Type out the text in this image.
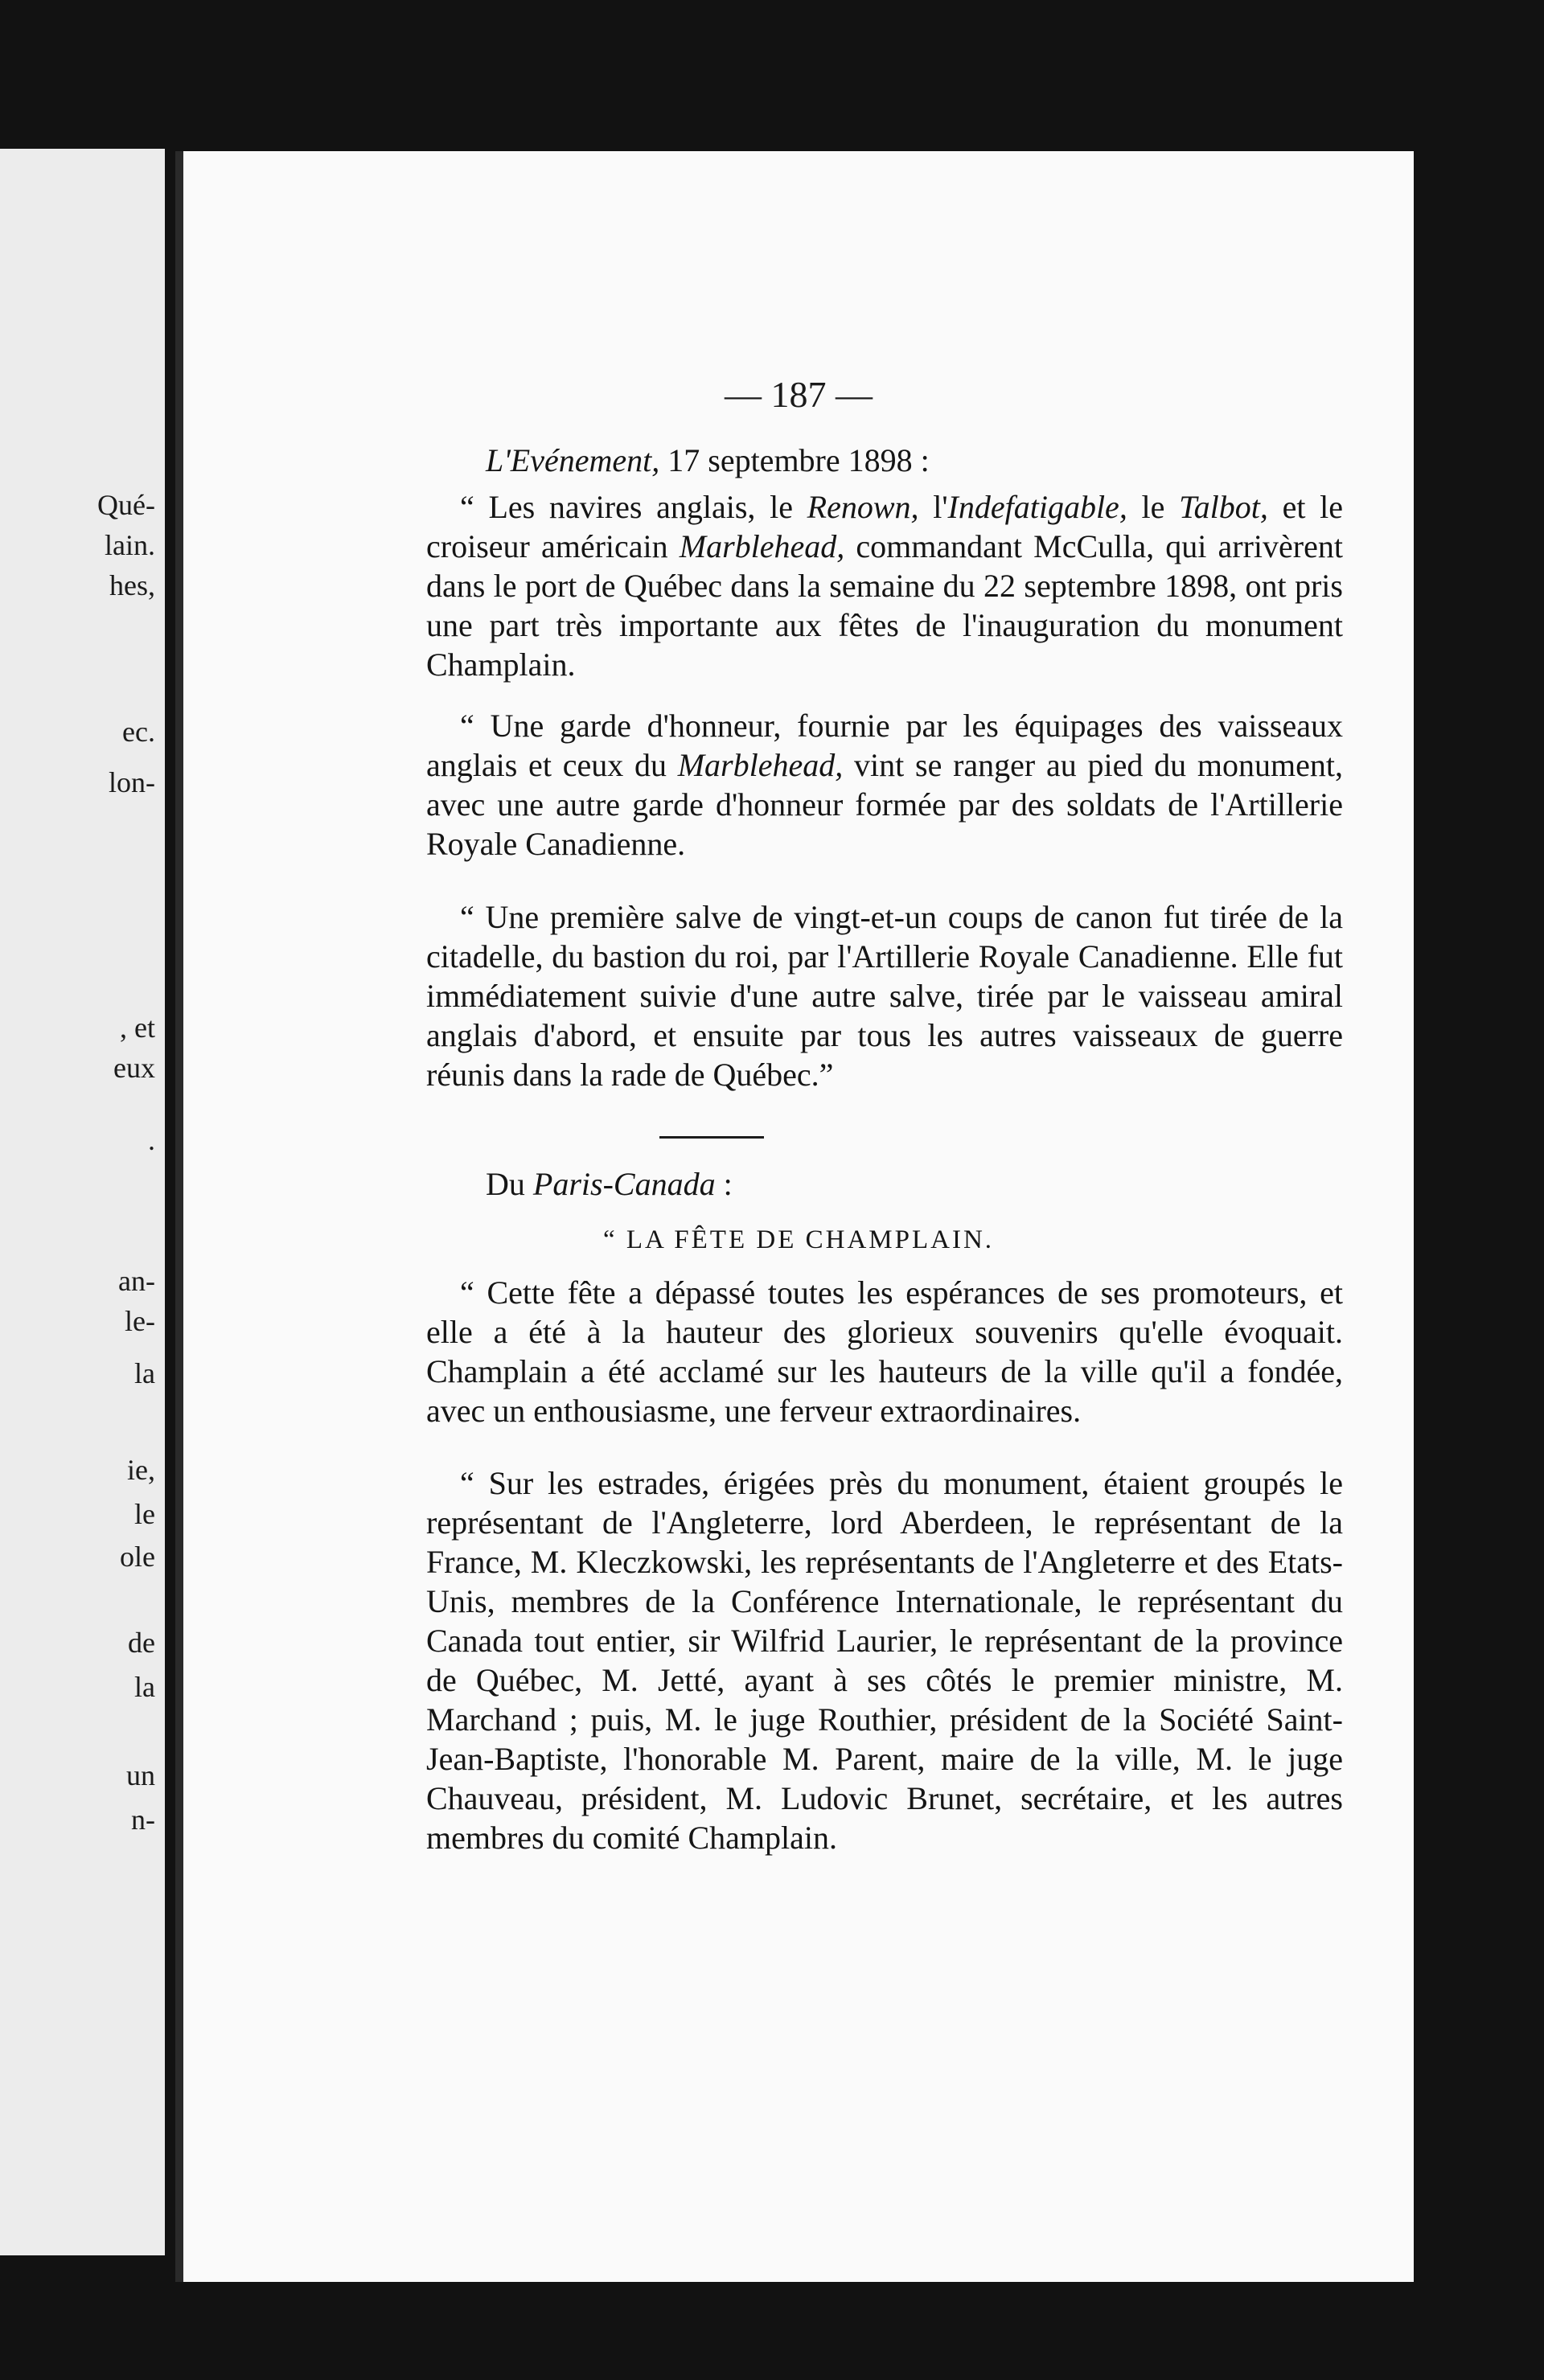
Qué-

lain.

hes,

ec.

lon-

, et

eux

.

an-

le-

la

ie,

le

ole

de

la

un

n-

— 187 —

L'Evénement, 17 septembre 1898 :

“ Les navires anglais, le Renown, l'Indefatigable, le Talbot, et le croiseur américain Marblehead, commandant McCulla, qui arrivèrent dans le port de Québec dans la semaine du 22 septembre 1898, ont pris une part très importante aux fêtes de l'inauguration du monument Champlain.

“ Une garde d'honneur, fournie par les équipages des vaisseaux anglais et ceux du Marblehead, vint se ranger au pied du monument, avec une autre garde d'honneur formée par des soldats de l'Artillerie Royale Canadienne.

“ Une première salve de vingt-et-un coups de canon fut tirée de la citadelle, du bastion du roi, par l'Artillerie Royale Canadienne. Elle fut immédiatement suivie d'une autre salve, tirée par le vaisseau amiral anglais d'abord, et ensuite par tous les autres vaisseaux de guerre réunis dans la rade de Québec.”

Du Paris-Canada :

“ LA FÊTE DE CHAMPLAIN.

“ Cette fête a dépassé toutes les espérances de ses promoteurs, et elle a été à la hauteur des glorieux souvenirs qu'elle évoquait. Champlain a été acclamé sur les hauteurs de la ville qu'il a fondée, avec un enthousiasme, une ferveur extraordinaires.

“ Sur les estrades, érigées près du monument, étaient groupés le représentant de l'Angleterre, lord Aberdeen, le représentant de la France, M. Kleczkowski, les représentants de l'Angleterre et des Etats-Unis, membres de la Conférence Internationale, le représentant du Canada tout entier, sir Wilfrid Laurier, le représentant de la province de Québec, M. Jetté, ayant à ses côtés le premier ministre, M. Marchand ; puis, M. le juge Routhier, président de la Société Saint-Jean-Baptiste, l'honorable M. Parent, maire de la ville, M. le juge Chauveau, président, M. Ludovic Brunet, secrétaire, et les autres membres du comité Champlain.
